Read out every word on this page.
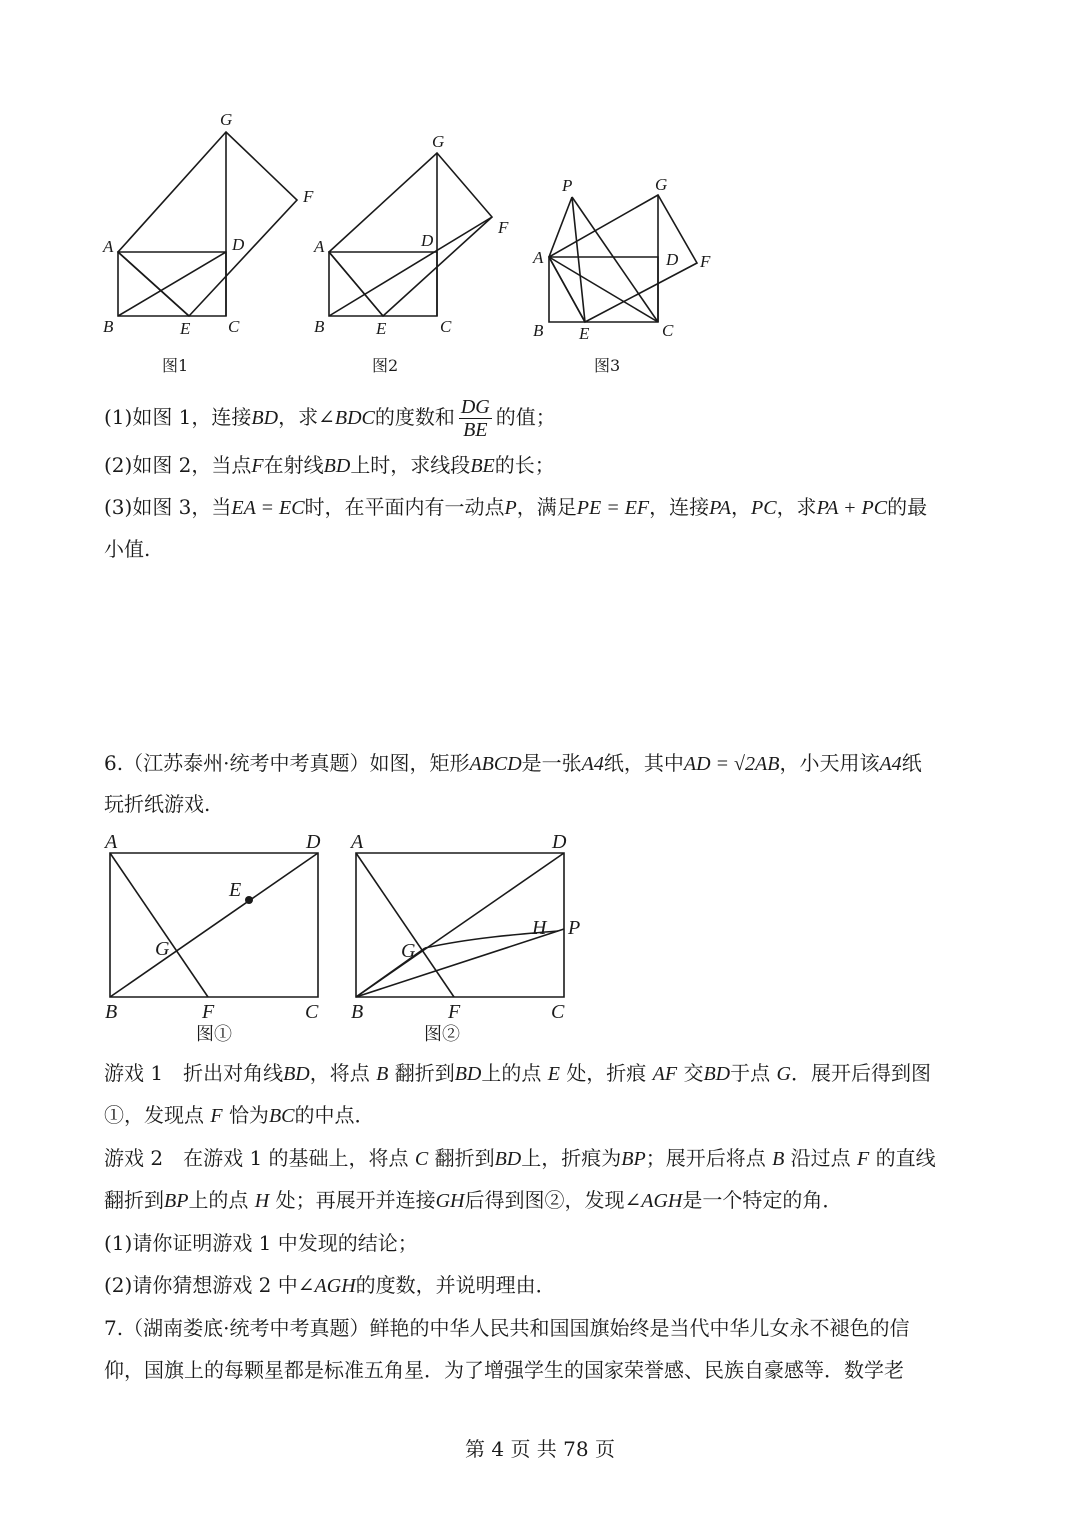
G
F
A	D
B	E C
图1
G
F
A	D
B	E	C
图2
P	G
A	D F
B E	C
图3
(1)如图 1，连接BD，求∠BDC的度数和 $\frac{DG}{BE}$ 的值；
(2)如图 2，当点F在射线BD上时，求线段BE的长；
(3)如图 3，当EA = EC时，在平面内有一动点P，满足PE = EF，连接PA，PC，求PA + PC的最
小值.
6.（江苏泰州·统考中考真题）如图，矩形ABCD是一张A4纸，其中AD = √2AB，小天用该A4纸
玩折纸游戏.
A	D
E
G
B	F	C
图①
A	D
H P
G
B	F	C
图②
游戏 1　折出对角线BD，将点 B 翻折到BD上的点 E 处，折痕 AF 交BD于点 G．展开后得到图
①，发现点 F 恰为BC的中点．
游戏 2　在游戏 1 的基础上，将点 C 翻折到BD上，折痕为BP；展开后将点 B 沿过点 F 的直线
翻折到BP上的点 H 处；再展开并连接GH后得到图②，发现∠AGH是一个特定的角．
(1)请你证明游戏 1 中发现的结论；
(2)请你猜想游戏 2 中∠AGH的度数，并说明理由．
7.（湖南娄底·统考中考真题）鲜艳的中华人民共和国国旗始终是当代中华儿女永不褪色的信
仰，国旗上的每颗星都是标准五角星．为了增强学生的国家荣誉感、民族自豪感等．数学老
第 4 页 共 78 页
